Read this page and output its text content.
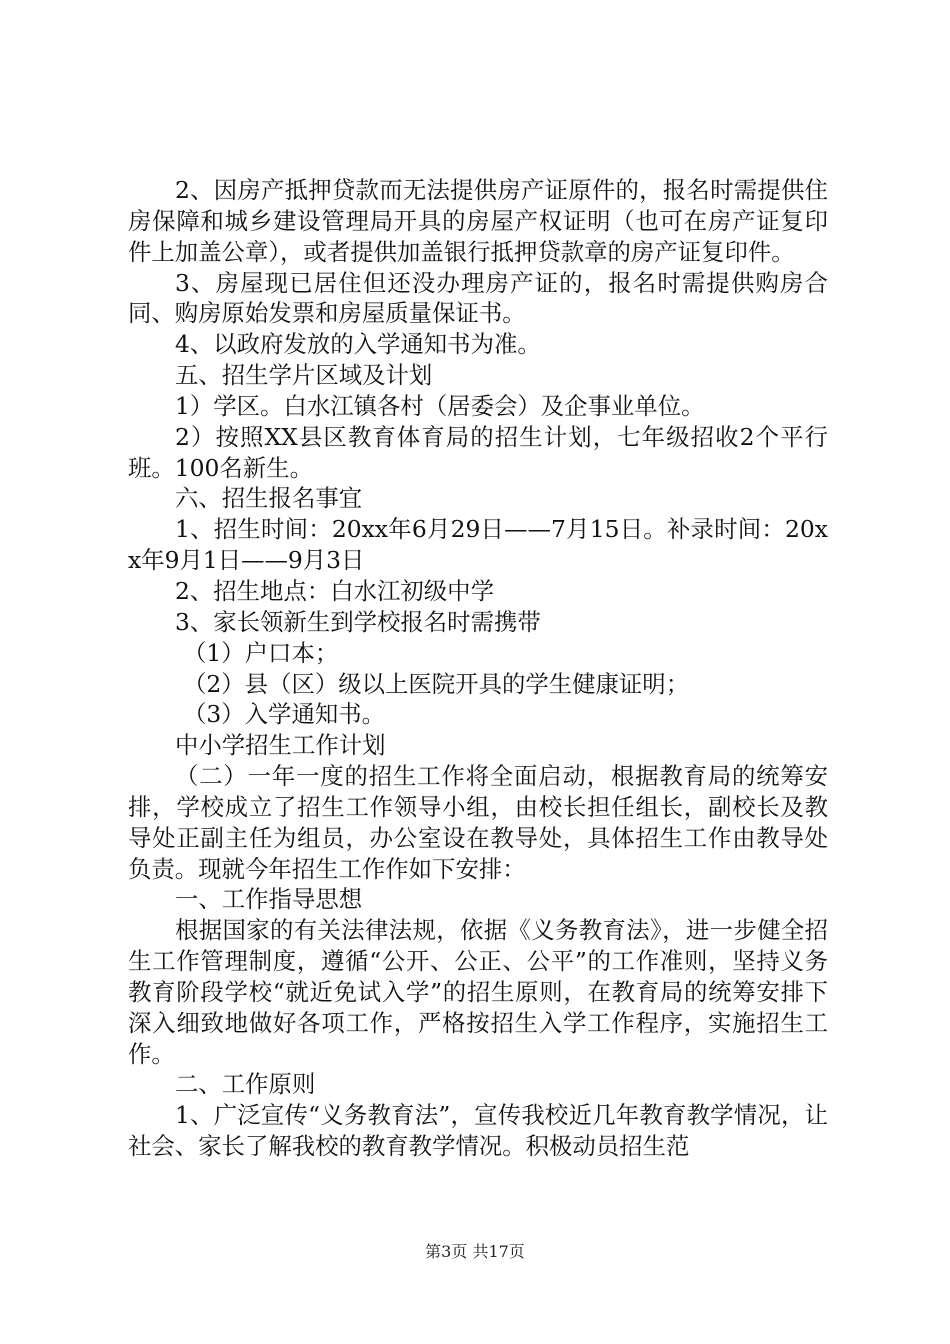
2、因房产抵押贷款而无法提供房产证原件的，报名时需提供住房保障和城乡建设管理局开具的房屋产权证明（也可在房产证复印件上加盖公章），或者提供加盖银行抵押贷款章的房产证复印件。

3、房屋现已居住但还没办理房产证的，报名时需提供购房合同、购房原始发票和房屋质量保证书。

4、以政府发放的入学通知书为准。

五、招生学片区域及计划

1）学区。白水江镇各村（居委会）及企事业单位。

2）按照XX县区教育体育局的招生计划，七年级招收2个平行班。100名新生。

六、招生报名事宜

1、招生时间：20xx年6月29日——7月15日。补录时间：20xx年9月1日——9月3日

2、招生地点：白水江初级中学

3、家长领新生到学校报名时需携带

（1）户口本；

（2）县（区）级以上医院开具的学生健康证明；

（3）入学通知书。

中小学招生工作计划

（二）一年一度的招生工作将全面启动，根据教育局的统筹安排，学校成立了招生工作领导小组，由校长担任组长，副校长及教导处正副主任为组员，办公室设在教导处，具体招生工作由教导处负责。现就今年招生工作作如下安排：

一、工作指导思想

根据国家的有关法律法规，依据《义务教育法》，进一步健全招生工作管理制度，遵循“公开、公正、公平”的工作准则，坚持义务教育阶段学校“就近免试入学”的招生原则，在教育局的统筹安排下深入细致地做好各项工作，严格按招生入学工作程序，实施招生工作。

二、工作原则

1、广泛宣传“义务教育法”，宣传我校近几年教育教学情况，让社会、家长了解我校的教育教学情况。积极动员招生范

第3页 共17页
